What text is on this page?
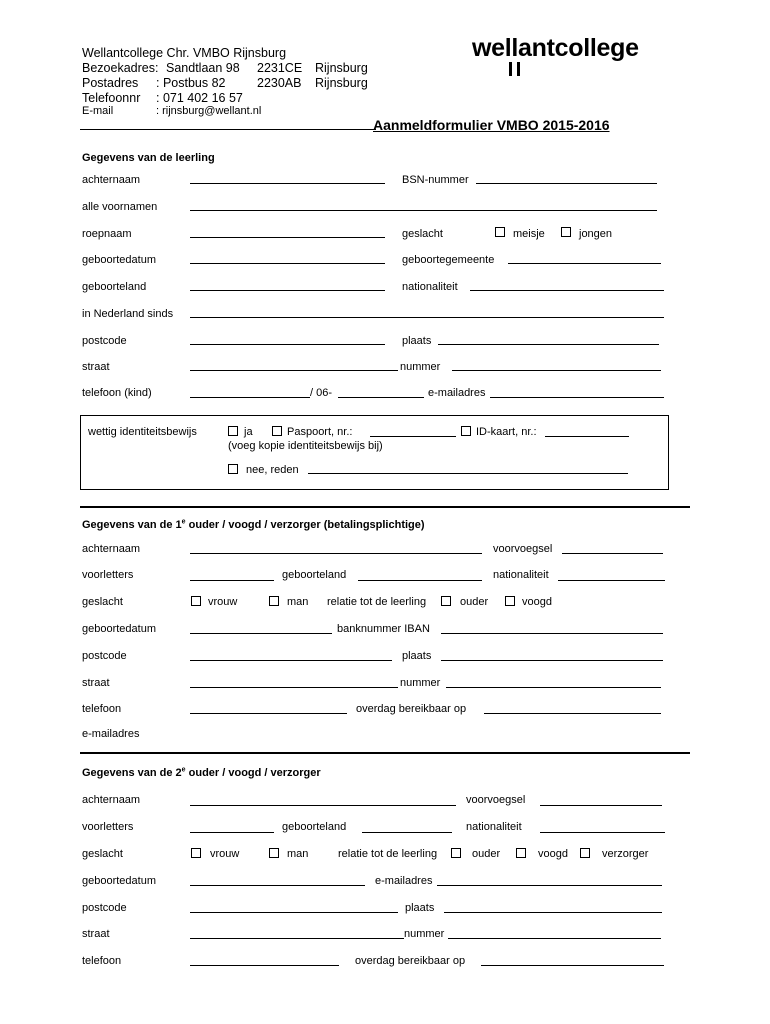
Wellantcollege Chr. VMBO Rijnsburg
Bezoekadres: Sandtlaan 98 2231CE Rijnsburg
Postadres : Postbus 82	2230AB Rijnsburg
Telefoonnr : 071 402 16 57
E-mail	: rijnsburg@wellant.nl
wellantcollege
Aanmeldformulier VMBO 2015-2016
Gegevens van de leerling
achternaam	BSN-nummer
alle voornamen
roepnaam	geslacht	meisje	jongen
geboortedatum	geboortegemeente
geboorteland	nationaliteit
in Nederland sinds
postcode	plaats
straat	nummer
telefoon (kind)	/ 06-	e-mailadres
wettig identiteitsbewijs	ja	Paspoort, nr.:	ID-kaart, nr.:
(voeg kopie identiteitsbewijs bij)
nee, reden
Gegevens van de 1e ouder / voogd / verzorger (betalingsplichtige)
achternaam	voorvoegsel
voorletters	geboorteland	nationaliteit
geslacht	vrouw	man relatie tot de leerling	ouder	voogd
geboortedatum	banknummer IBAN
postcode	plaats
straat	nummer
telefoon	overdag bereikbaar op
e-mailadres
Gegevens van de 2e ouder / voogd / verzorger
achternaam	voorvoegsel
voorletters	geboorteland	nationaliteit
geslacht	vrouw	man	relatie tot de leerling	ouder	voogd	verzorger
geboortedatum	e-mailadres
postcode	plaats
straat	nummer
telefoon	overdag bereikbaar op
